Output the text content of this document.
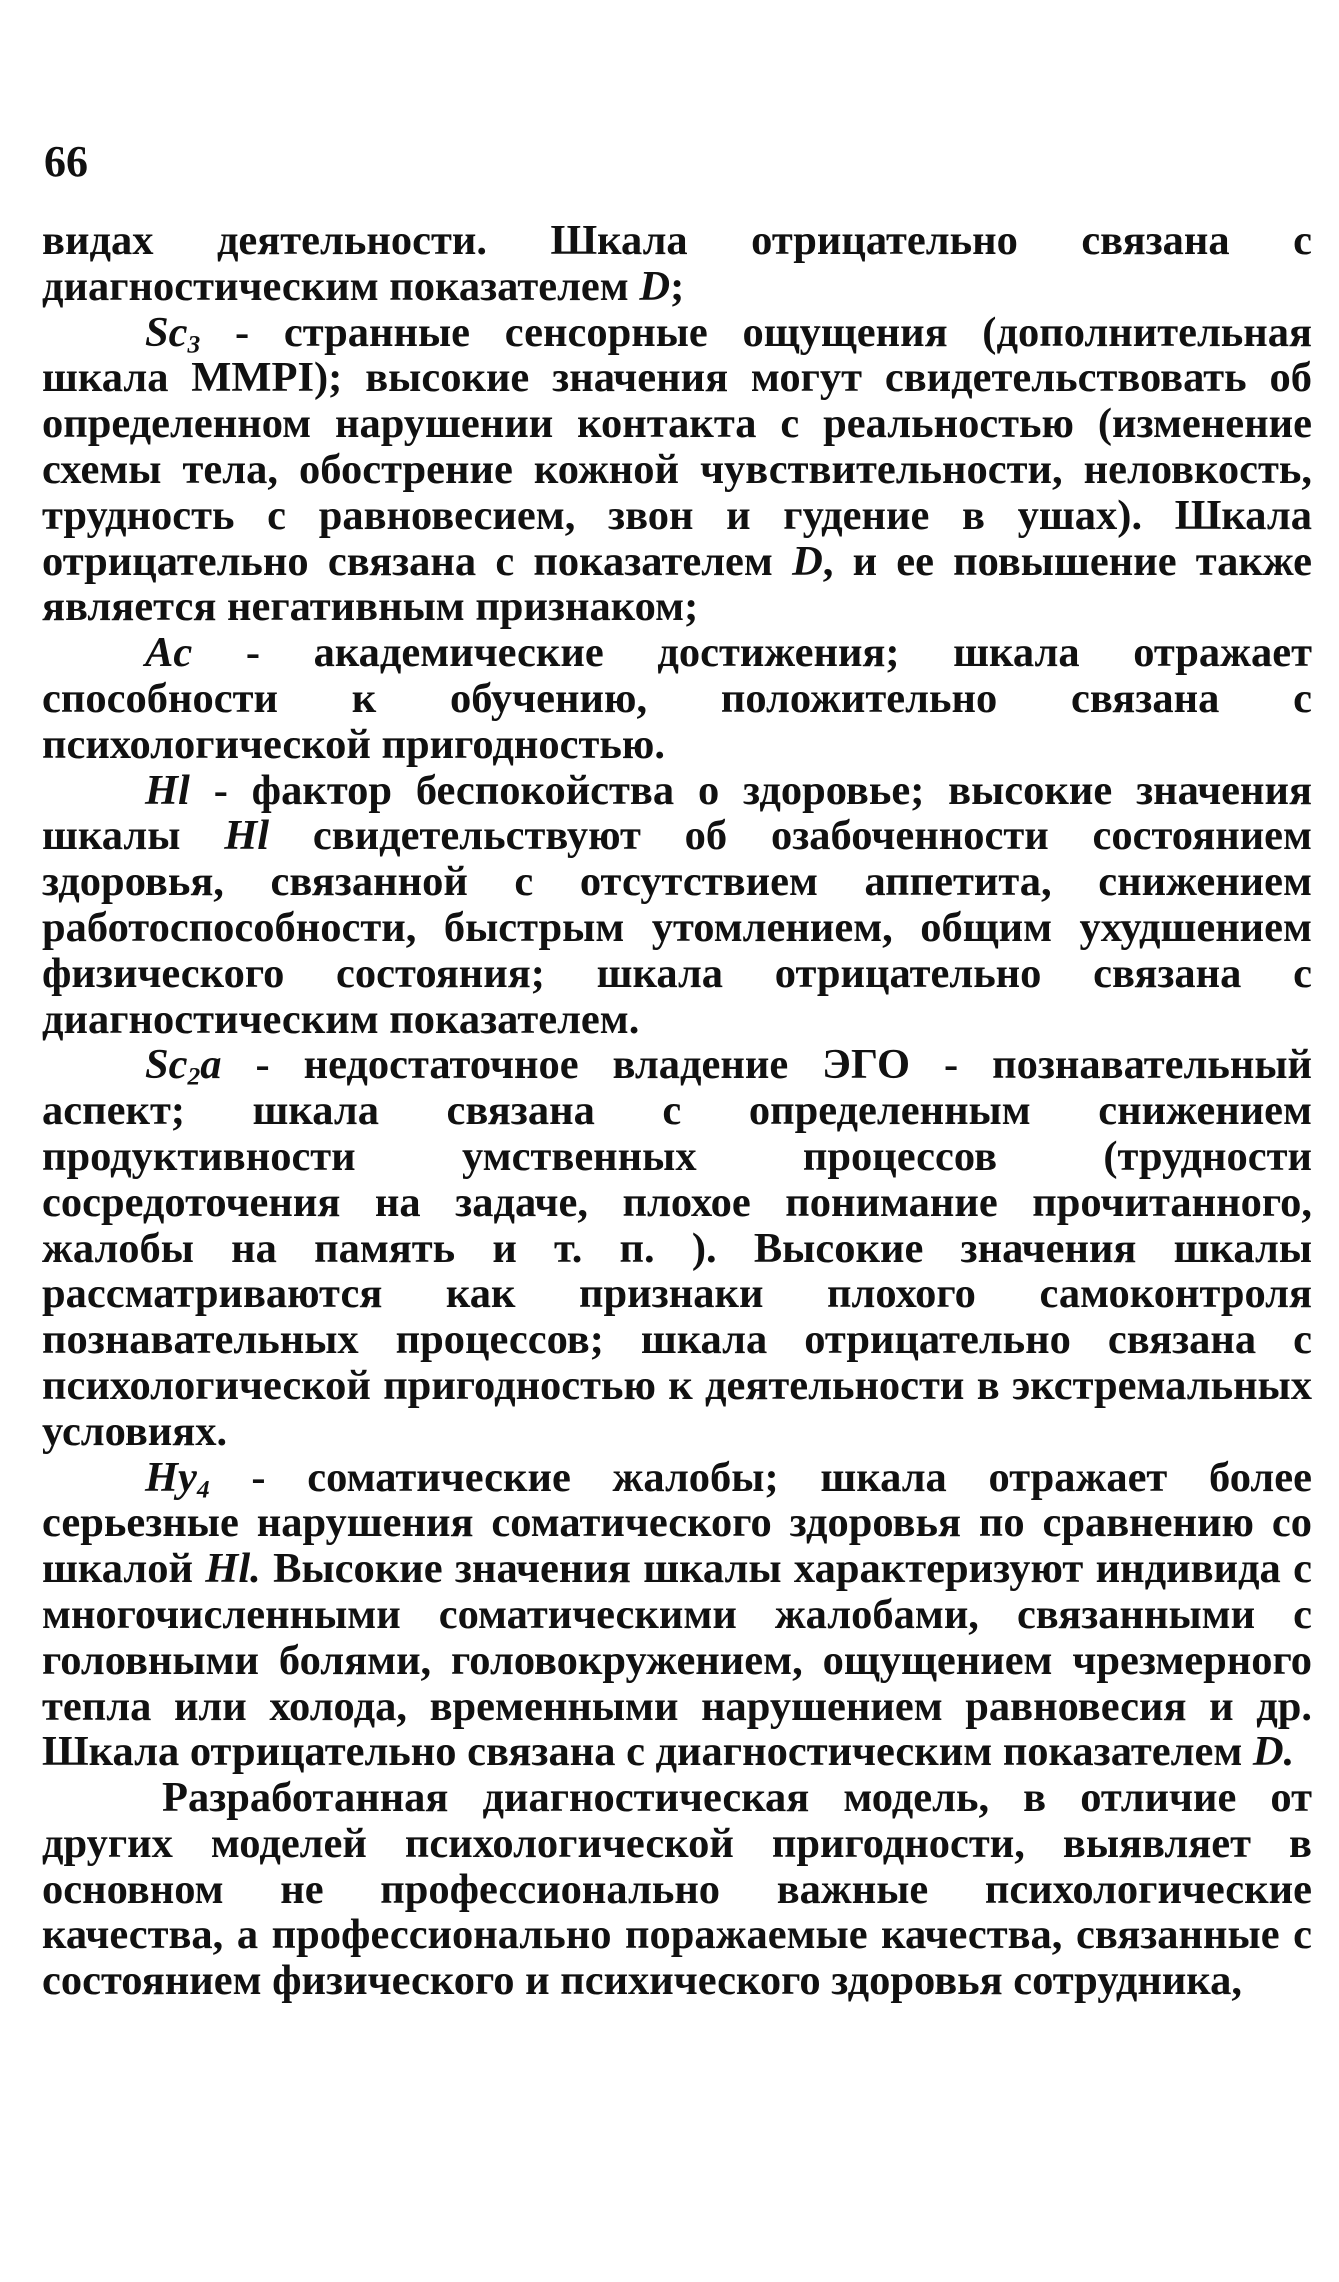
66

видах деятельности. Шкала отрицательно связана с диагностическим показателем D;

$Sc_3$ - странные сенсорные ощущения (дополнительная шкала MMPI); высокие значения могут свидетельствовать об определенном нарушении контакта с реальностью (изменение схемы тела, обострение кожной чувствительности, неловкость, трудность с равновесием, звон и гудение в ушах). Шкала отрицательно связана с показателем D, и ее повышение также является негативным признаком;

Ac - академические достижения; шкала отражает способности к обучению, положительно связана с психологической пригодностью.

Hl - фактор беспокойства о здоровье; высокие значения шкалы Hl свидетельствуют об озабоченности состоянием здоровья, связанной с отсутствием аппетита, снижением работоспособности, быстрым утомлением, общим ухудшением физического состояния; шкала отрицательно связана с диагностическим показателем.

$Sc_2a$ - недостаточное владение ЭГО - познавательный аспект; шкала связана с определенным снижением продуктивности умственных процессов (трудности сосредоточения на задаче, плохое понимание прочитанного, жалобы на память и т. п. ). Высокие значения шкалы рассматриваются как признаки плохого самоконтроля познавательных процессов; шкала отрицательно связана с психологической пригодностью к деятельности в экстремальных условиях.

$Hy_4$ - соматические жалобы; шкала отражает более серьезные нарушения соматического здоровья по сравнению со шкалой Hl. Высокие значения шкалы характеризуют индивида с многочисленными соматическими жалобами, связанными с головными болями, головокружением, ощущением чрезмерного тепла или холода, временными нарушением равновесия и др. Шкала отрицательно связана с диагностическим показателем D.

Разработанная диагностическая модель, в отличие от других моделей психологической пригодности, выявляет в основном не профессионально важные психологические качества, а профессионально поражаемые качества, связанные с состоянием физического и психического здоровья сотрудника,
